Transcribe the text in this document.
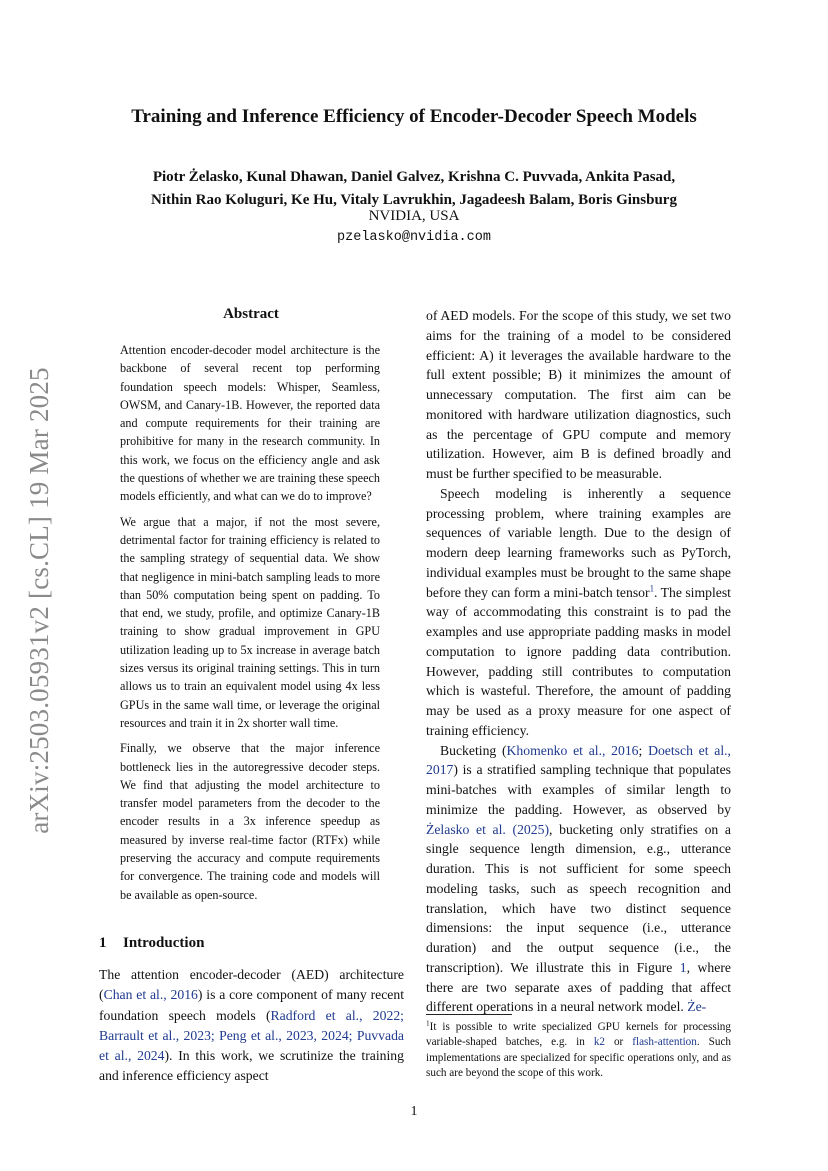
arXiv:2503.05931v2 [cs.CL] 19 Mar 2025
Training and Inference Efficiency of Encoder-Decoder Speech Models
Piotr Żelasko, Kunal Dhawan, Daniel Galvez, Krishna C. Puvvada, Ankita Pasad,
Nithin Rao Koluguri, Ke Hu, Vitaly Lavrukhin, Jagadeesh Balam, Boris Ginsburg
NVIDIA, USA
pzelasko@nvidia.com
Abstract

Attention encoder-decoder model architecture is the backbone of several recent top performing foundation speech models: Whisper, Seamless, OWSM, and Canary-1B. However, the reported data and compute requirements for their training are prohibitive for many in the research community. In this work, we focus on the efficiency angle and ask the questions of whether we are training these speech models efficiently, and what can we do to improve?

We argue that a major, if not the most severe, detrimental factor for training efficiency is related to the sampling strategy of sequential data. We show that negligence in mini-batch sampling leads to more than 50% computation being spent on padding. To that end, we study, profile, and optimize Canary-1B training to show gradual improvement in GPU utilization leading up to 5x increase in average batch sizes versus its original training settings. This in turn allows us to train an equivalent model using 4x less GPUs in the same wall time, or leverage the original resources and train it in 2x shorter wall time.

Finally, we observe that the major inference bottleneck lies in the autoregressive decoder steps. We find that adjusting the model architecture to transfer model parameters from the decoder to the encoder results in a 3x inference speedup as measured by inverse real-time factor (RTFx) while preserving the accuracy and compute requirements for convergence. The training code and models will be available as open-source.

1 Introduction
The attention encoder-decoder (AED) architecture (Chan et al., 2016) is a core component of many recent foundation speech models (Radford et al., 2022; Barrault et al., 2023; Peng et al., 2023, 2024; Puvvada et al., 2024). In this work, we scrutinize the training and inference efficiency aspect

of AED models. For the scope of this study, we set two aims for the training of a model to be considered efficient: A) it leverages the available hardware to the full extent possible; B) it minimizes the amount of unnecessary computation. The first aim can be monitored with hardware utilization diagnostics, such as the percentage of GPU compute and memory utilization. However, aim B is defined broadly and must be further specified to be measurable.

Speech modeling is inherently a sequence processing problem, where training examples are sequences of variable length. Due to the design of modern deep learning frameworks such as PyTorch, individual examples must be brought to the same shape before they can form a mini-batch tensor$^1$. The simplest way of accommodating this constraint is to pad the examples and use appropriate padding masks in model computation to ignore padding data contribution. However, padding still contributes to computation which is wasteful. Therefore, the amount of padding may be used as a proxy measure for one aspect of training efficiency.

Bucketing (Khomenko et al., 2016; Doetsch et al., 2017) is a stratified sampling technique that populates mini-batches with examples of similar length to minimize the padding. However, as observed by Żelasko et al. (2025), bucketing only stratifies on a single sequence length dimension, e.g., utterance duration. This is not sufficient for some speech modeling tasks, such as speech recognition and translation, which have two distinct sequence dimensions: the input sequence (i.e., utterance duration) and the output sequence (i.e., the transcription). We illustrate this in Figure 1, where there are two separate axes of padding that affect different operations in a neural network model. Że-

$^1$It is possible to write specialized GPU kernels for processing variable-shaped batches, e.g. in k2 or flash-attention. Such implementations are specialized for specific operations only, and as such are beyond the scope of this work.
1
